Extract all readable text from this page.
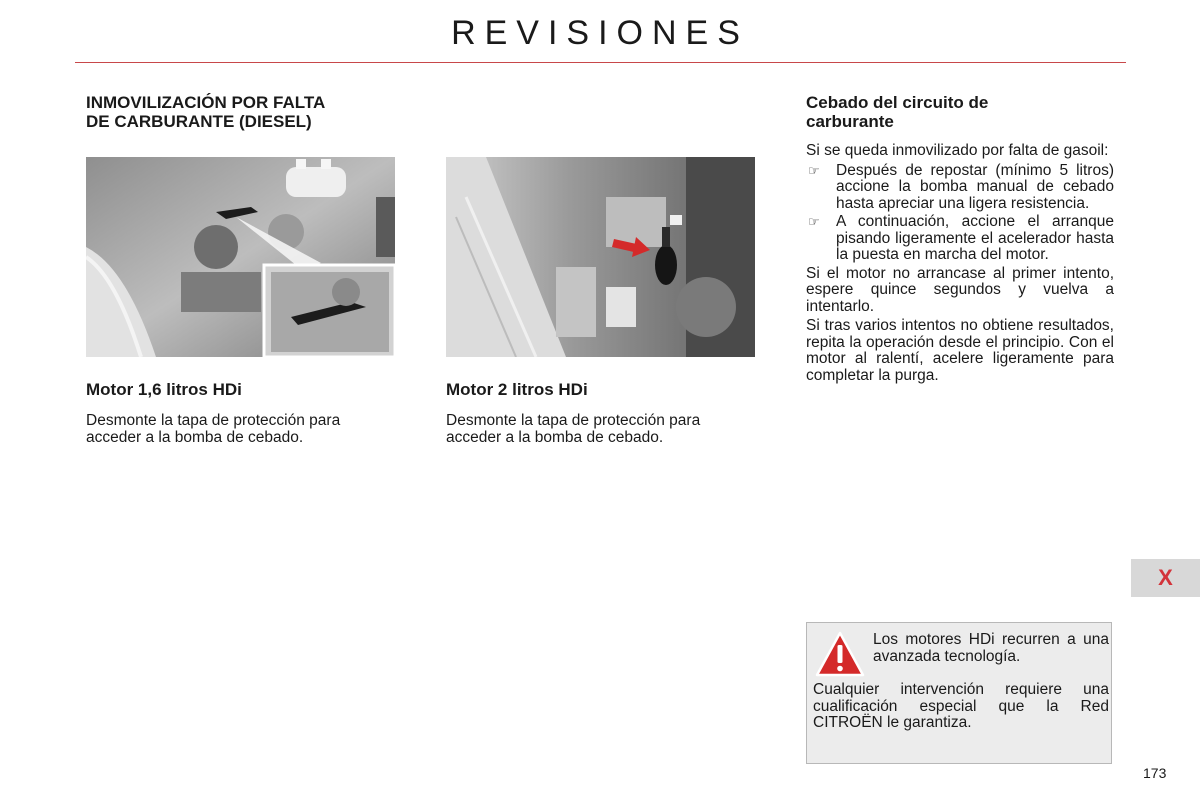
REVISIONES
INMOVILIZACIÓN POR FALTA
DE CARBURANTE (DIESEL)
Motor 1,6 litros HDi
Desmonte la tapa de protección para acceder a la bomba de cebado.
Motor 2 litros HDi
Desmonte la tapa de protección para acceder a la bomba de cebado.
Cebado del circuito de
carburante
Si se queda inmovilizado por falta de gasoil:
☞ Después de repostar (mínimo 5 litros) accione la bomba manual de cebado hasta apreciar una ligera resistencia.
☞ A continuación, accione el arranque pisando ligeramente el acelerador hasta la puesta en marcha del motor.
Si el motor no arrancase al primer intento, espere quince segundos y vuelva a intentarlo.
Si tras varios intentos no obtiene resultados, repita la operación desde el principio. Con el motor al ralentí, acelere ligeramente para completar la purga.
X
Los motores HDi recurren a una avanzada tecnología.
Cualquier intervención requiere una cualificación especial que la Red CITROËN le garantiza.
173
